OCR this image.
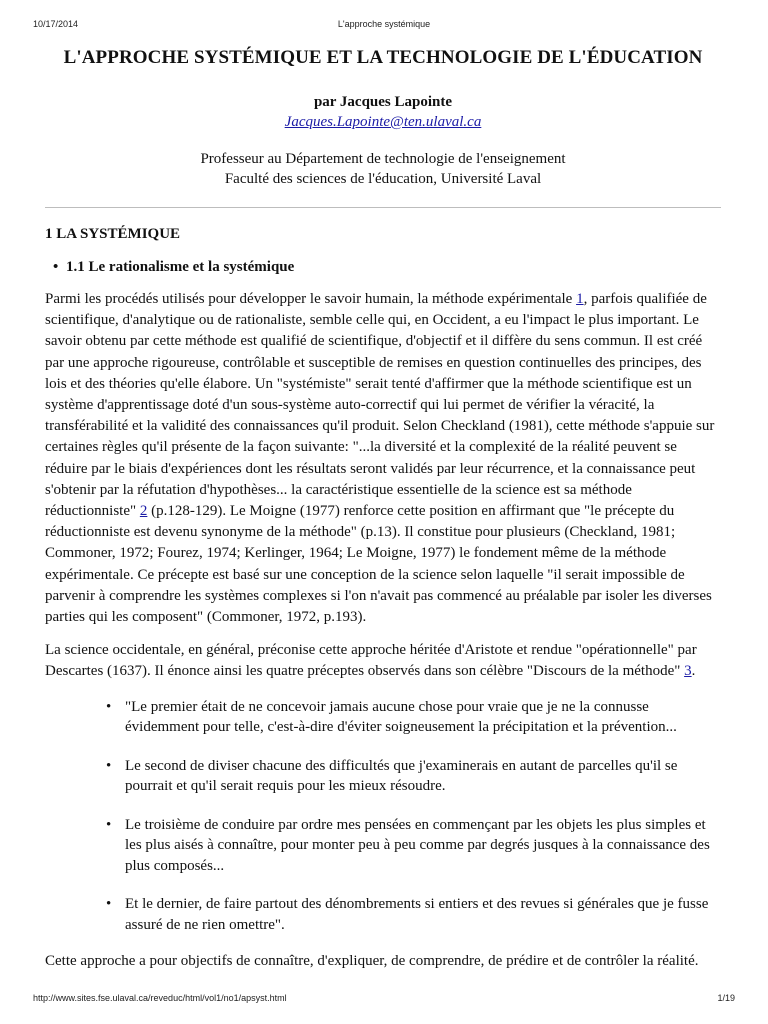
10/17/2014	L'approche systémique
L'APPROCHE SYSTÉMIQUE ET LA TECHNOLOGIE DE L'ÉDUCATION
par Jacques Lapointe
Jacques.Lapointe@ten.ulaval.ca
Professeur au Département de technologie de l'enseignement
Faculté des sciences de l'éducation, Université Laval
1 LA SYSTÉMIQUE
• 1.1 Le rationalisme et la systémique

Parmi les procédés utilisés pour développer le savoir humain, la méthode expérimentale 1, parfois qualifiée de scientifique, d'analytique ou de rationaliste, semble celle qui, en Occident, a eu l'impact le plus important. Le savoir obtenu par cette méthode est qualifié de scientifique, d'objectif et il diffère du sens commun. Il est créé par une approche rigoureuse, contrôlable et susceptible de remises en question continuelles des principes, des lois et des théories qu'elle élabore. Un "systémiste" serait tenté d'affirmer que la méthode scientifique est un système d'apprentissage doté d'un sous-système auto-correctif qui lui permet de vérifier la véracité, la transférabilité et la validité des connaissances qu'il produit. Selon Checkland (1981), cette méthode s'appuie sur certaines règles qu'il présente de la façon suivante: "...la diversité et la complexité de la réalité peuvent se réduire par le biais d'expériences dont les résultats seront validés par leur récurrence, et la connaissance peut s'obtenir par la réfutation d'hypothèses... la caractéristique essentielle de la science est sa méthode réductionniste" 2 (p.128-129). Le Moigne (1977) renforce cette position en affirmant que "le précepte du réductionniste est devenu synonyme de la méthode" (p.13). Il constitue pour plusieurs (Checkland, 1981; Commoner, 1972; Fourez, 1974; Kerlinger, 1964; Le Moigne, 1977) le fondement même de la méthode expérimentale. Ce précepte est basé sur une conception de la science selon laquelle "il serait impossible de parvenir à comprendre les systèmes complexes si l'on n'avait pas commencé au préalable par isoler les diverses parties qui les composent" (Commoner, 1972, p.193).

La science occidentale, en général, préconise cette approche héritée d'Aristote et rendue "opérationnelle" par Descartes (1637). Il énonce ainsi les quatre préceptes observés dans son célèbre "Discours de la méthode" 3.

• "Le premier était de ne concevoir jamais aucune chose pour vraie que je ne la connusse évidemment pour telle, c'est-à-dire d'éviter soigneusement la précipitation et la prévention...
• Le second de diviser chacune des difficultés que j'examinerais en autant de parcelles qu'il se pourrait et qu'il serait requis pour les mieux résoudre.
• Le troisième de conduire par ordre mes pensées en commençant par les objets les plus simples et les plus aisés à connaître, pour monter peu à peu comme par degrés jusques à la connaissance des plus composés...
• Et le dernier, de faire partout des dénombrements si entiers et des revues si générales que je fusse assuré de ne rien omettre".

Cette approche a pour objectifs de connaître, d'expliquer, de comprendre, de prédire et de contrôler la réalité.

http://www.sites.fse.ulaval.ca/reveduc/html/vol1/no1/apsyst.html	1/19
